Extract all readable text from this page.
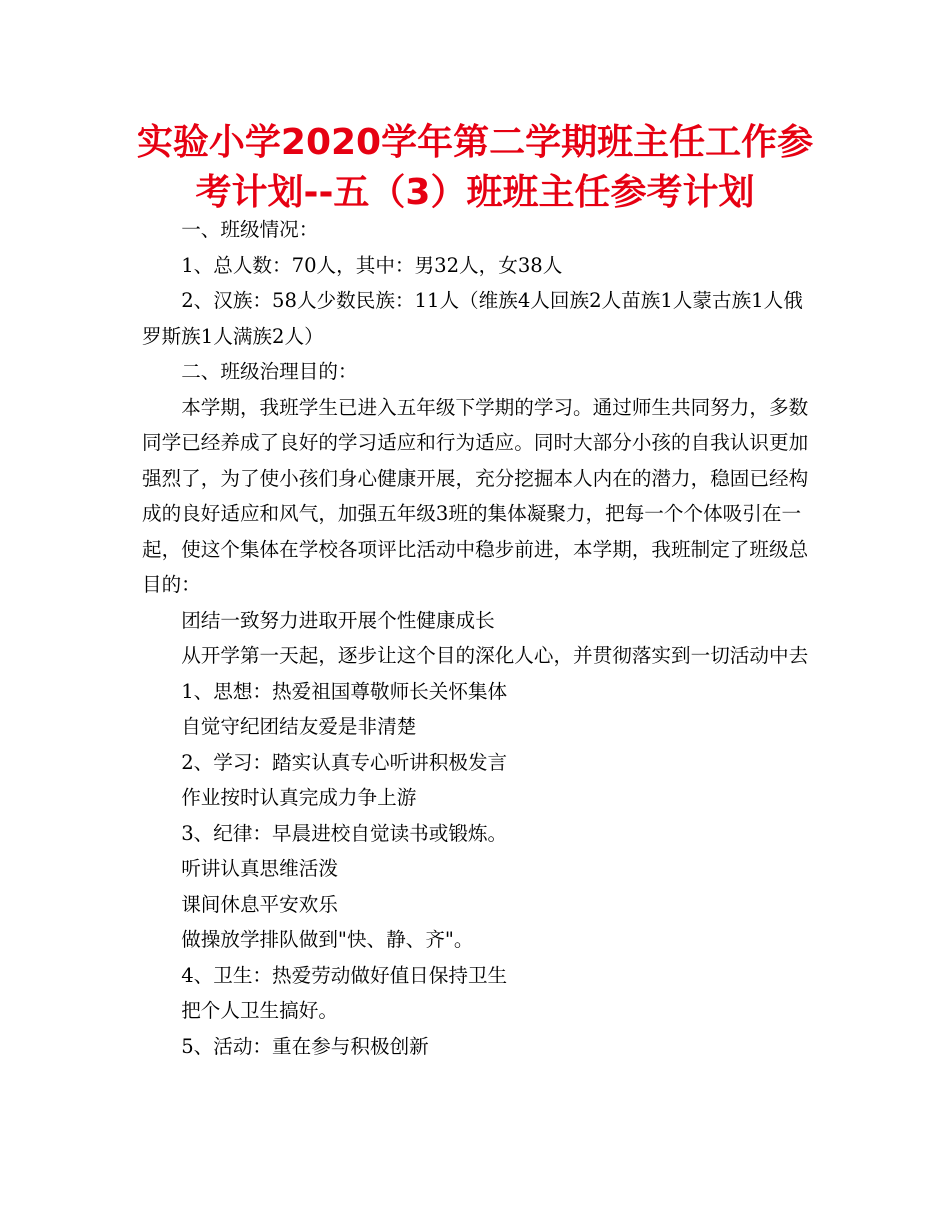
实验小学2020学年第二学期班主任工作参
考计划--五（3）班班主任参考计划

一、班级情况：

1、总人数：70人，其中：男32人，女38人

2、汉族：58人少数民族：11人（维族4人回族2人苗族1人蒙古族1人俄罗斯族1人满族2人）

二、班级治理目的：

本学期，我班学生已进入五年级下学期的学习。通过师生共同努力，多数同学已经养成了良好的学习适应和行为适应。同时大部分小孩的自我认识更加强烈了，为了使小孩们身心健康开展，充分挖掘本人内在的潜力，稳固已经构成的良好适应和风气，加强五年级3班的集体凝聚力，把每一个个体吸引在一起，使这个集体在学校各项评比活动中稳步前进，本学期，我班制定了班级总目的：

团结一致努力进取开展个性健康成长

从开学第一天起，逐步让这个目的深化人心，并贯彻落实到一切活动中去

1、思想：热爱祖国尊敬师长关怀集体

自觉守纪团结友爱是非清楚

2、学习：踏实认真专心听讲积极发言

作业按时认真完成力争上游

3、纪律：早晨进校自觉读书或锻炼。

听讲认真思维活泼

课间休息平安欢乐

做操放学排队做到"快、静、齐"。

4、卫生：热爱劳动做好值日保持卫生

把个人卫生搞好。

5、活动：重在参与积极创新
